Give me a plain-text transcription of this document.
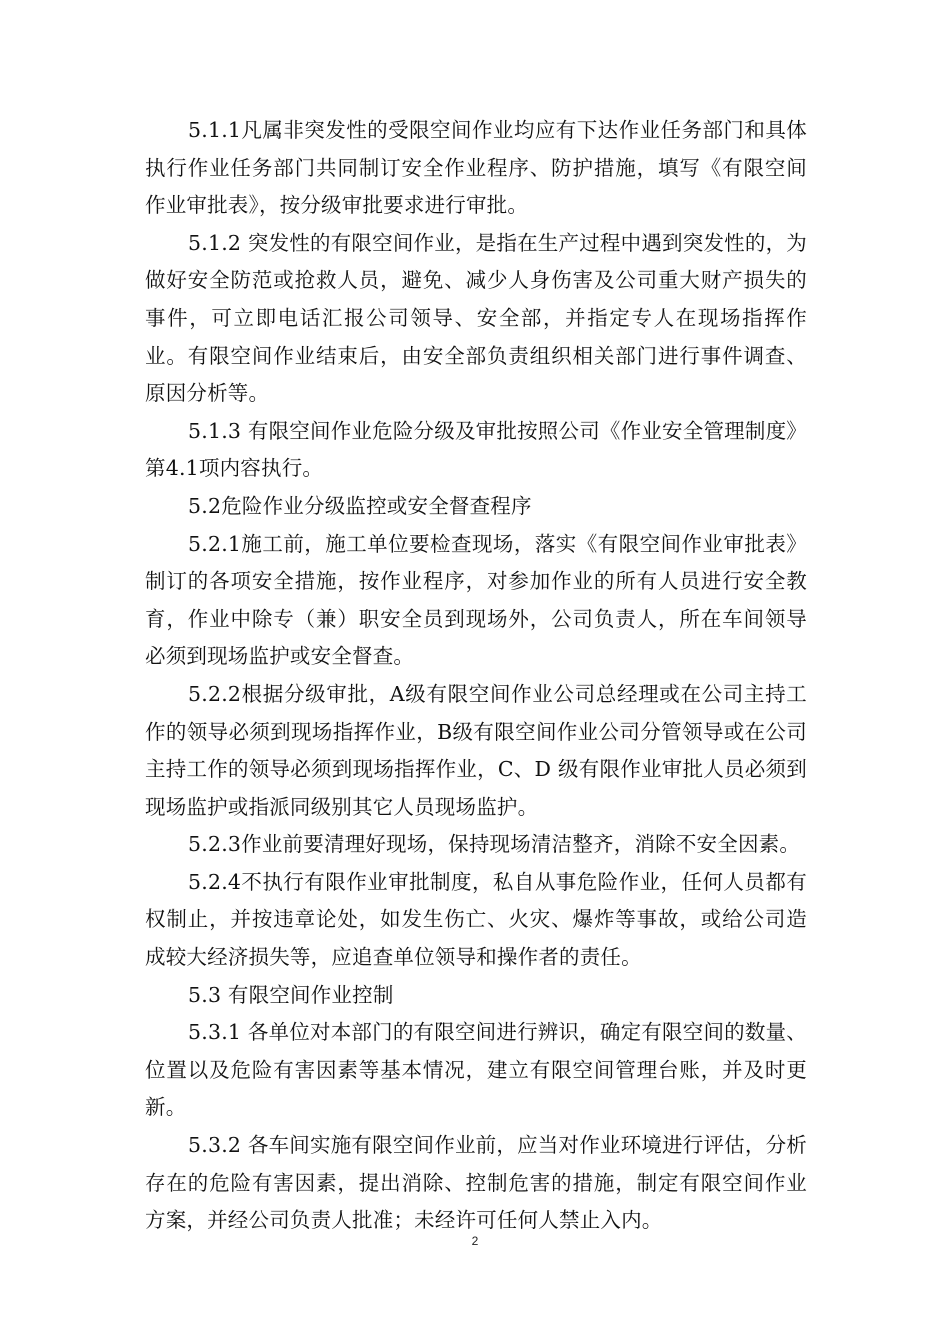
5.1.1凡属非突发性的受限空间作业均应有下达作业任务部门和具体执行作业任务部门共同制订安全作业程序、防护措施，填写《有限空间作业审批表》，按分级审批要求进行审批。

5.1.2 突发性的有限空间作业，是指在生产过程中遇到突发性的，为做好安全防范或抢救人员，避免、减少人身伤害及公司重大财产损失的事件，可立即电话汇报公司领导、安全部，并指定专人在现场指挥作业。有限空间作业结束后，由安全部负责组织相关部门进行事件调查、原因分析等。

5.1.3 有限空间作业危险分级及审批按照公司《作业安全管理制度》第4.1项内容执行。

5.2危险作业分级监控或安全督查程序

5.2.1施工前，施工单位要检查现场，落实《有限空间作业审批表》制订的各项安全措施，按作业程序，对参加作业的所有人员进行安全教育，作业中除专（兼）职安全员到现场外，公司负责人，所在车间领导必须到现场监护或安全督查。

5.2.2根据分级审批，A级有限空间作业公司总经理或在公司主持工作的领导必须到现场指挥作业，B级有限空间作业公司分管领导或在公司主持工作的领导必须到现场指挥作业，C、D 级有限作业审批人员必须到现场监护或指派同级别其它人员现场监护。

5.2.3作业前要清理好现场，保持现场清洁整齐，消除不安全因素。

5.2.4不执行有限作业审批制度，私自从事危险作业，任何人员都有权制止，并按违章论处，如发生伤亡、火灾、爆炸等事故，或给公司造成较大经济损失等，应追查单位领导和操作者的责任。

5.3 有限空间作业控制

5.3.1 各单位对本部门的有限空间进行辨识，确定有限空间的数量、位置以及危险有害因素等基本情况，建立有限空间管理台账，并及时更新。

5.3.2 各车间实施有限空间作业前，应当对作业环境进行评估，分析存在的危险有害因素，提出消除、控制危害的措施，制定有限空间作业方案，并经公司负责人批准；未经许可任何人禁止入内。

2
